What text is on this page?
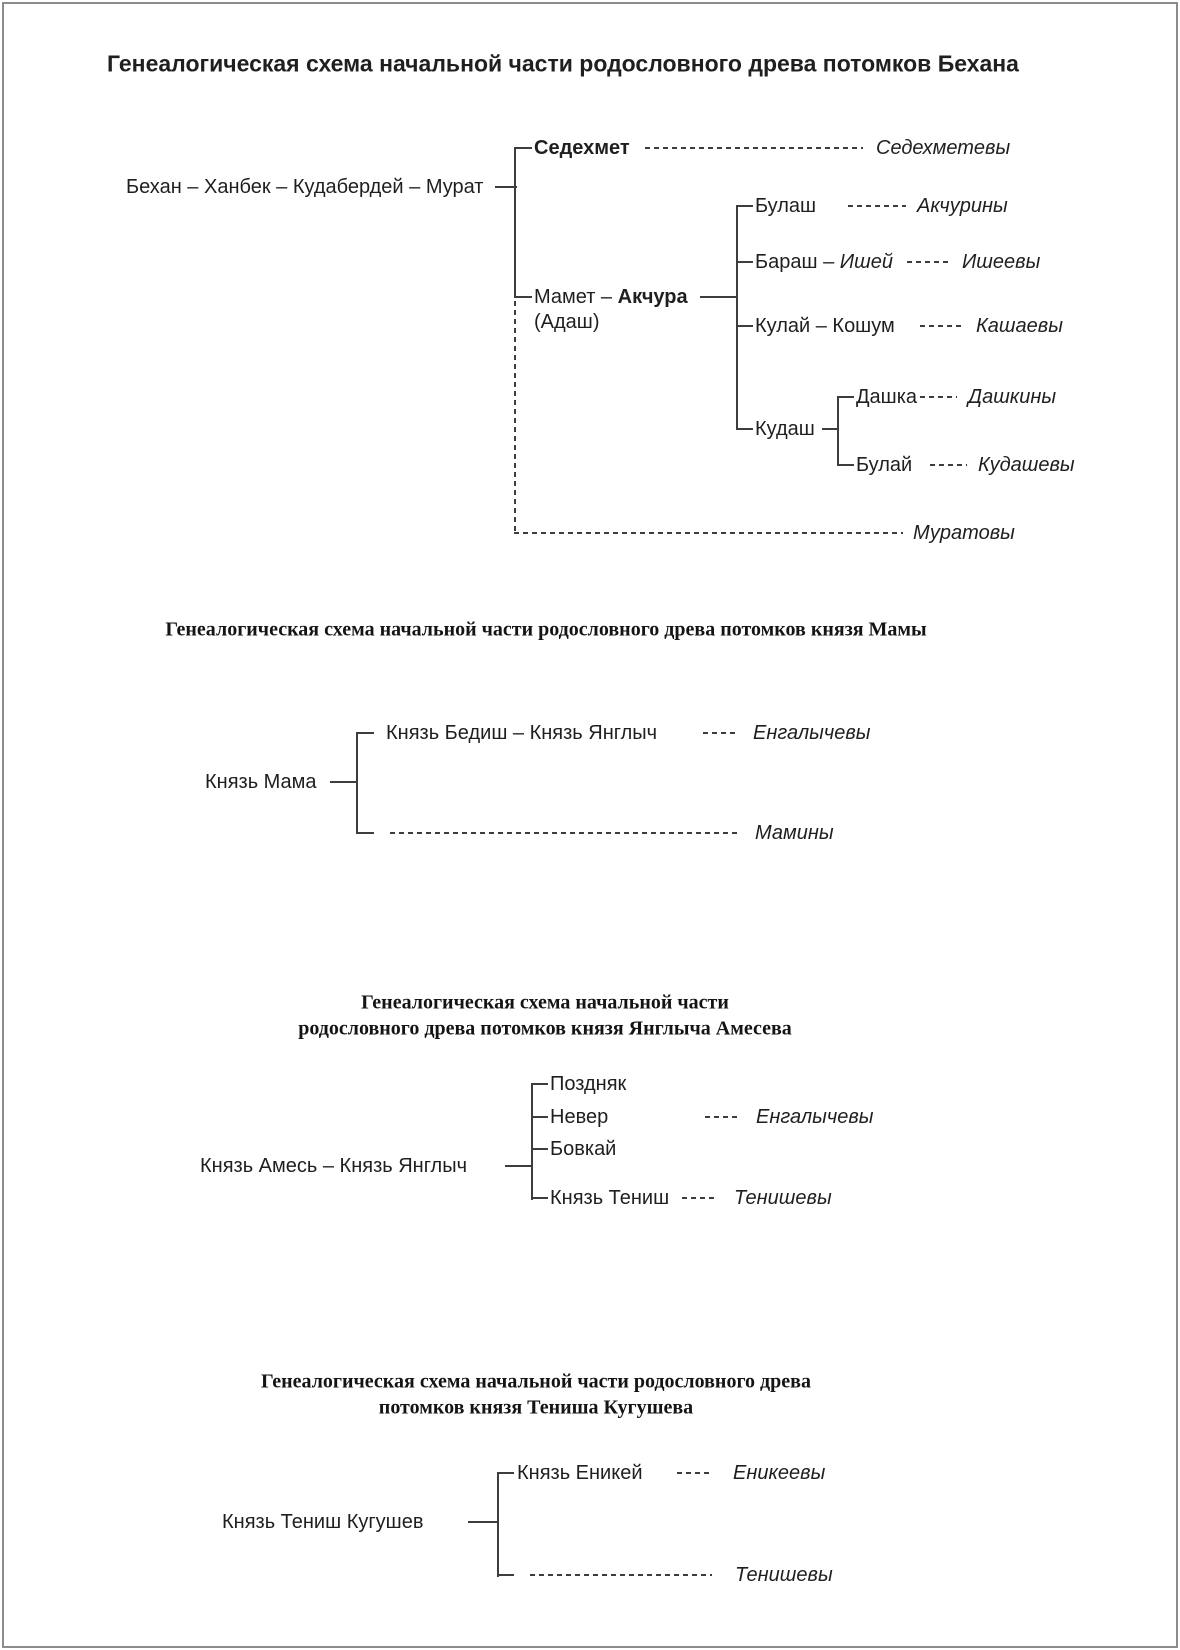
Генеалогическая схема начальной части родословного древа потомков Бехана
Бехан – Ханбек – Кудабердей – Мурат
Седехмет	Седехметевы
Мамет – Акчура
(Адаш)
Булаш	Акчурины
Бараш – Ишей	Ишеевы
Кулай – Кошум	Кашаевы
Кудаш
Дашка	Дашкины
Булай	Кудашевы
Муратовы
Генеалогическая схема начальной части родословного древа потомков князя Мамы
Князь Мама
Князь Бедиш – Князь Янглыч	Енгалычевы
Мамины
Генеалогическая схема начальной части
родословного древа потомков князя Янглыча Амесева
Князь Амесь – Князь Янглыч
Поздняк
Невер	Енгалычевы
Бовкай
Князь Тениш	Тенишевы
Генеалогическая схема начальной части родословного древа
потомков князя Тениша Кугушева
Князь Тениш Кугушев
Князь Еникей	Еникеевы
Тенишевы
